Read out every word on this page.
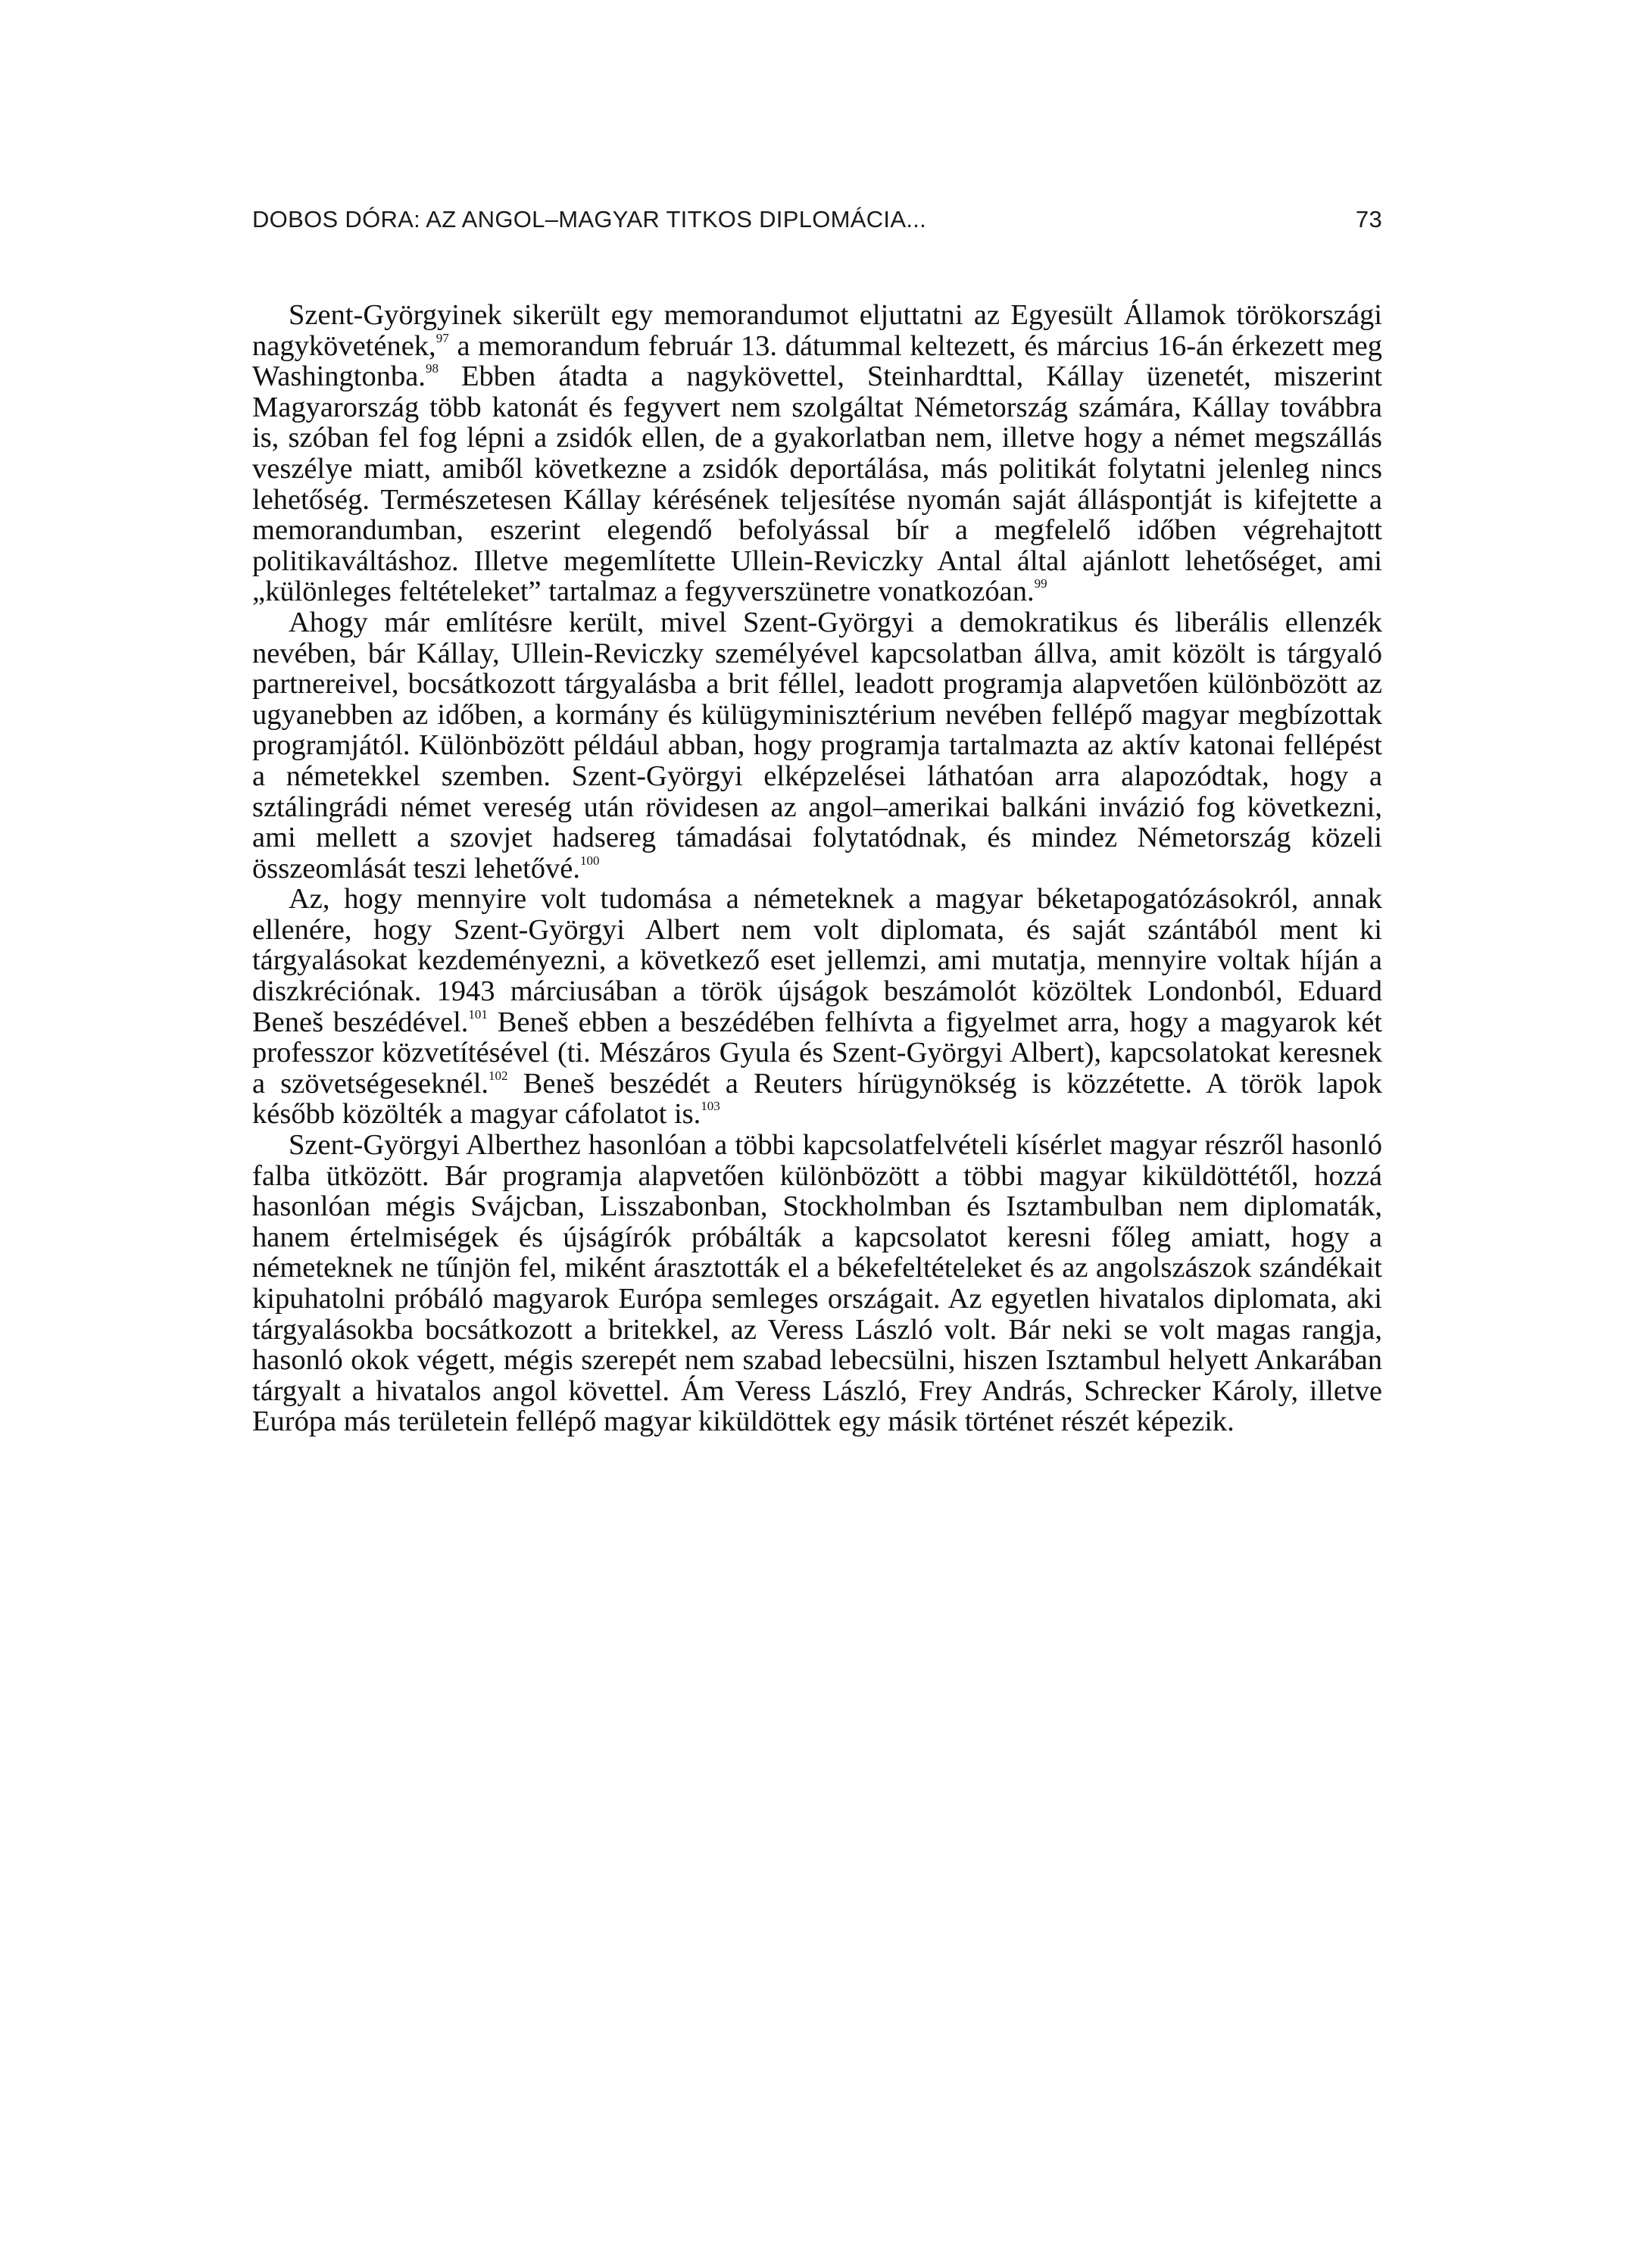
DOBOS DÓRA: AZ ANGOL–MAGYAR TITKOS DIPLOMÁCIA...	73

Szent-Györgyinek sikerült egy memorandumot eljuttatni az Egyesült Államok törökországi nagykövetének,$^{97}$ a memorandum február 13. dátummal keltezett, és március 16-án érkezett meg Washingtonba.$^{98}$ Ebben átadta a nagykövettel, Steinhardttal, Kállay üzenetét, miszerint Magyarország több katonát és fegyvert nem szolgáltat Németország számára, Kállay továbbra is, szóban fel fog lépni a zsidók ellen, de a gyakorlatban nem, illetve hogy a német megszállás veszélye miatt, amiből következne a zsidók deportálása, más politikát folytatni jelenleg nincs lehetőség. Természetesen Kállay kérésének teljesítése nyomán saját álláspontját is kifejtette a memorandumban, eszerint elegendő befolyással bír a megfelelő időben végrehajtott politikaváltáshoz. Illetve megemlítette Ullein-Reviczky Antal által ajánlott lehetőséget, ami „különleges feltételeket” tartalmaz a fegyverszünetre vonatkozóan.$^{99}$

Ahogy már említésre került, mivel Szent-Györgyi a demokratikus és liberális ellenzék nevében, bár Kállay, Ullein-Reviczky személyével kapcsolatban állva, amit közölt is tárgyaló partnereivel, bocsátkozott tárgyalásba a brit féllel, leadott programja alapvetően különbözött az ugyanebben az időben, a kormány és külügyminisztérium nevében fellépő magyar megbízottak programjától. Különbözött például abban, hogy programja tartalmazta az aktív katonai fellépést a németekkel szemben. Szent-Györgyi elképzelései láthatóan arra alapozódtak, hogy a sztálingrádi német vereség után rövidesen az angol–amerikai balkáni invázió fog következni, ami mellett a szovjet hadsereg támadásai folytatódnak, és mindez Németország közeli összeomlását teszi lehetővé.$^{100}$

Az, hogy mennyire volt tudomása a németeknek a magyar béketapogatózásokról, annak ellenére, hogy Szent-Györgyi Albert nem volt diplomata, és saját szántából ment ki tárgyalásokat kezdeményezni, a következő eset jellemzi, ami mutatja, mennyire voltak híján a diszkréciónak. 1943 márciusában a török újságok beszámolót közöltek Londonból, Eduard Beneš beszédével.$^{101}$ Beneš ebben a beszédében felhívta a figyelmet arra, hogy a magyarok két professzor közvetítésével (ti. Mészáros Gyula és Szent-Györgyi Albert), kapcsolatokat keresnek a szövetségeseknél.$^{102}$ Beneš beszédét a Reuters hírügynökség is közzétette. A török lapok később közölték a magyar cáfolatot is.$^{103}$

Szent-Györgyi Alberthez hasonlóan a többi kapcsolatfelvételi kísérlet magyar részről hasonló falba ütközött. Bár programja alapvetően különbözött a többi magyar kiküldöttétől, hozzá hasonlóan mégis Svájcban, Lisszabonban, Stockholmban és Isztambulban nem diplomaták, hanem értelmiségek és újságírók próbálták a kapcsolatot keresni főleg amiatt, hogy a németeknek ne tűnjön fel, miként árasztották el a békefeltételeket és az angolszászok szándékait kipuhatolni próbáló magyarok Európa semleges országait. Az egyetlen hivatalos diplomata, aki tárgyalásokba bocsátkozott a britekkel, az Veress László volt. Bár neki se volt magas rangja, hasonló okok végett, mégis szerepét nem szabad lebecsülni, hiszen Isztambul helyett Ankarában tárgyalt a hivatalos angol követtel. Ám Veress László, Frey András, Schrecker Károly, illetve Európa más területein fellépő magyar kiküldöttek egy másik történet részét képezik.
